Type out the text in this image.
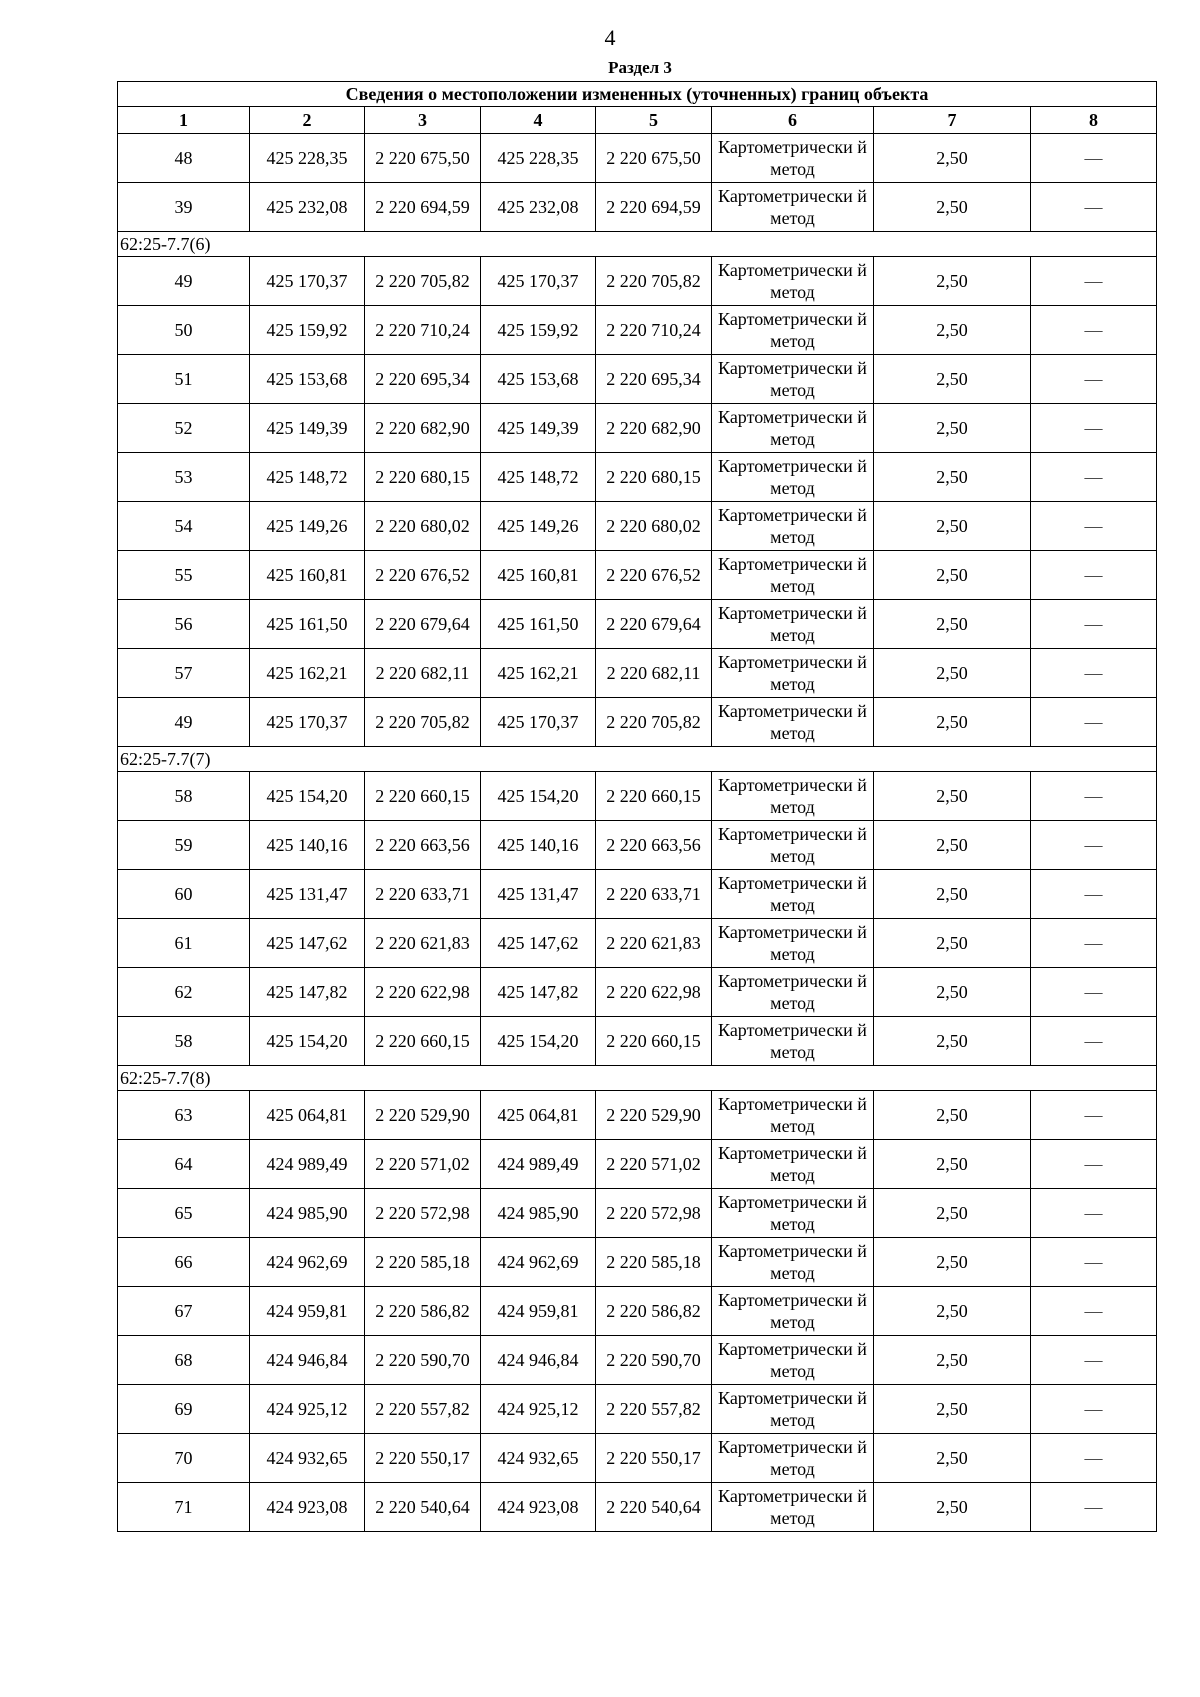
4
Раздел 3
Сведения о местоположении измененных (уточненных) границ объекта							
1	2	3	4	5	6	7	8
48	425 228,35	2 220 675,50	425 228,35	2 220 675,50	Картометрически й метод	2,50	—
39	425 232,08	2 220 694,59	425 232,08	2 220 694,59	Картометрически й метод	2,50	—
62:25-7.7(6)							
49	425 170,37	2 220 705,82	425 170,37	2 220 705,82	Картометрически й метод	2,50	—
50	425 159,92	2 220 710,24	425 159,92	2 220 710,24	Картометрически й метод	2,50	—
51	425 153,68	2 220 695,34	425 153,68	2 220 695,34	Картометрически й метод	2,50	—
52	425 149,39	2 220 682,90	425 149,39	2 220 682,90	Картометрически й метод	2,50	—
53	425 148,72	2 220 680,15	425 148,72	2 220 680,15	Картометрически й метод	2,50	—
54	425 149,26	2 220 680,02	425 149,26	2 220 680,02	Картометрически й метод	2,50	—
55	425 160,81	2 220 676,52	425 160,81	2 220 676,52	Картометрически й метод	2,50	—
56	425 161,50	2 220 679,64	425 161,50	2 220 679,64	Картометрически й метод	2,50	—
57	425 162,21	2 220 682,11	425 162,21	2 220 682,11	Картометрически й метод	2,50	—
49	425 170,37	2 220 705,82	425 170,37	2 220 705,82	Картометрически й метод	2,50	—
62:25-7.7(7)							
58	425 154,20	2 220 660,15	425 154,20	2 220 660,15	Картометрически й метод	2,50	—
59	425 140,16	2 220 663,56	425 140,16	2 220 663,56	Картометрически й метод	2,50	—
60	425 131,47	2 220 633,71	425 131,47	2 220 633,71	Картометрически й метод	2,50	—
61	425 147,62	2 220 621,83	425 147,62	2 220 621,83	Картометрически й метод	2,50	—
62	425 147,82	2 220 622,98	425 147,82	2 220 622,98	Картометрически й метод	2,50	—
58	425 154,20	2 220 660,15	425 154,20	2 220 660,15	Картометрически й метод	2,50	—
62:25-7.7(8)							
63	425 064,81	2 220 529,90	425 064,81	2 220 529,90	Картометрически й метод	2,50	—
64	424 989,49	2 220 571,02	424 989,49	2 220 571,02	Картометрически й метод	2,50	—
65	424 985,90	2 220 572,98	424 985,90	2 220 572,98	Картометрически й метод	2,50	—
66	424 962,69	2 220 585,18	424 962,69	2 220 585,18	Картометрически й метод	2,50	—
67	424 959,81	2 220 586,82	424 959,81	2 220 586,82	Картометрически й метод	2,50	—
68	424 946,84	2 220 590,70	424 946,84	2 220 590,70	Картометрически й метод	2,50	—
69	424 925,12	2 220 557,82	424 925,12	2 220 557,82	Картометрически й метод	2,50	—
70	424 932,65	2 220 550,17	424 932,65	2 220 550,17	Картометрически й метод	2,50	—
71	424 923,08	2 220 540,64	424 923,08	2 220 540,64	Картометрически й метод	2,50	—
